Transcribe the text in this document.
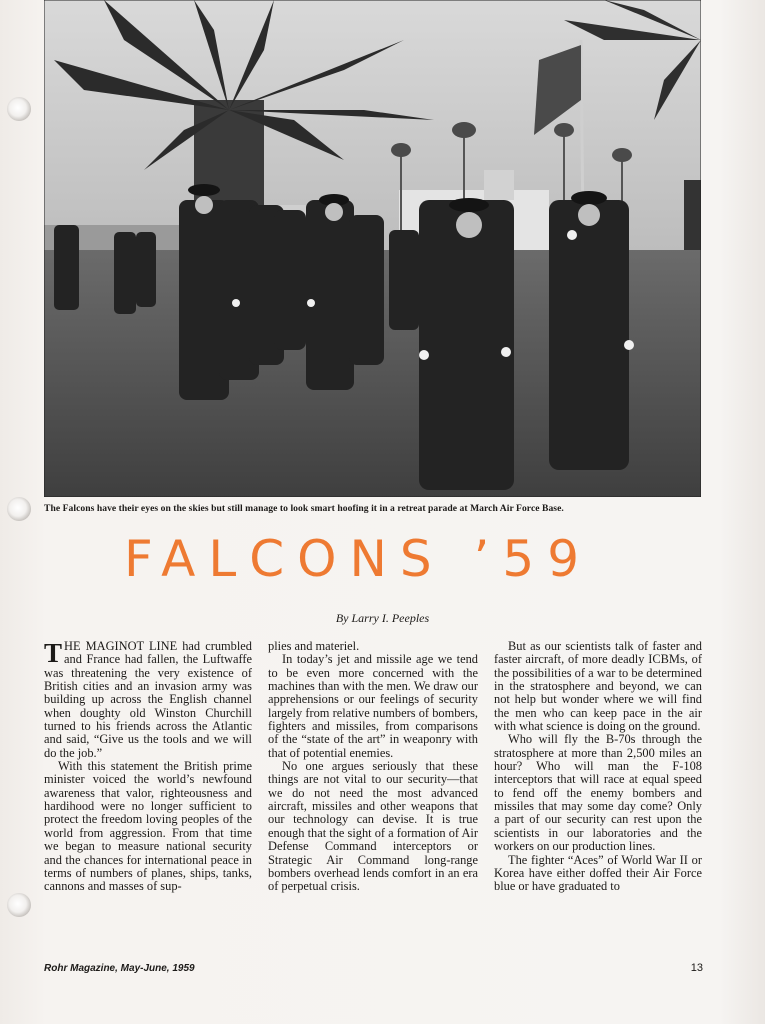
The Falcons have their eyes on the skies but still manage to look smart hoofing it in a retreat parade at March Air Force Base.
FALCONS ’59
By Larry I. Peeples

THE MAGINOT LINE had crumbled and France had fallen, the Luftwaffe was threatening the very existence of British cities and an invasion army was building up across the English channel when doughty old Winston Churchill turned to his friends across the Atlantic and said, “Give us the tools and we will do the job.”

With this statement the British prime minister voiced the world’s newfound awareness that valor, righteousness and hardihood were no longer sufficient to protect the freedom loving peoples of the world from aggression. From that time we began to measure national security and the chances for international peace in terms of numbers of planes, ships, tanks, cannons and masses of sup-

plies and materiel.

In today’s jet and missile age we tend to be even more concerned with the machines than with the men. We draw our apprehensions or our feelings of security largely from relative numbers of bombers, fighters and missiles, from comparisons of the “state of the art” in weaponry with that of potential enemies.

No one argues seriously that these things are not vital to our security—that we do not need the most advanced aircraft, missiles and other weapons that our technology can devise. It is true enough that the sight of a formation of Air Defense Command interceptors or Strategic Air Command long-range bombers overhead lends comfort in an era of perpetual crisis.

But as our scientists talk of faster and faster aircraft, of more deadly ICBMs, of the possibilities of a war to be determined in the stratosphere and beyond, we can not help but wonder where we will find the men who can keep pace in the air with what science is doing on the ground.

Who will fly the B-70s through the stratosphere at more than 2,500 miles an hour? Who will man the F-108 interceptors that will race at equal speed to fend off the enemy bombers and missiles that may some day come? Only a part of our security can rest upon the scientists in our laboratories and the workers on our production lines.

The fighter “Aces” of World War II or Korea have either doffed their Air Force blue or have graduated to

Rohr Magazine, May-June, 1959	13
